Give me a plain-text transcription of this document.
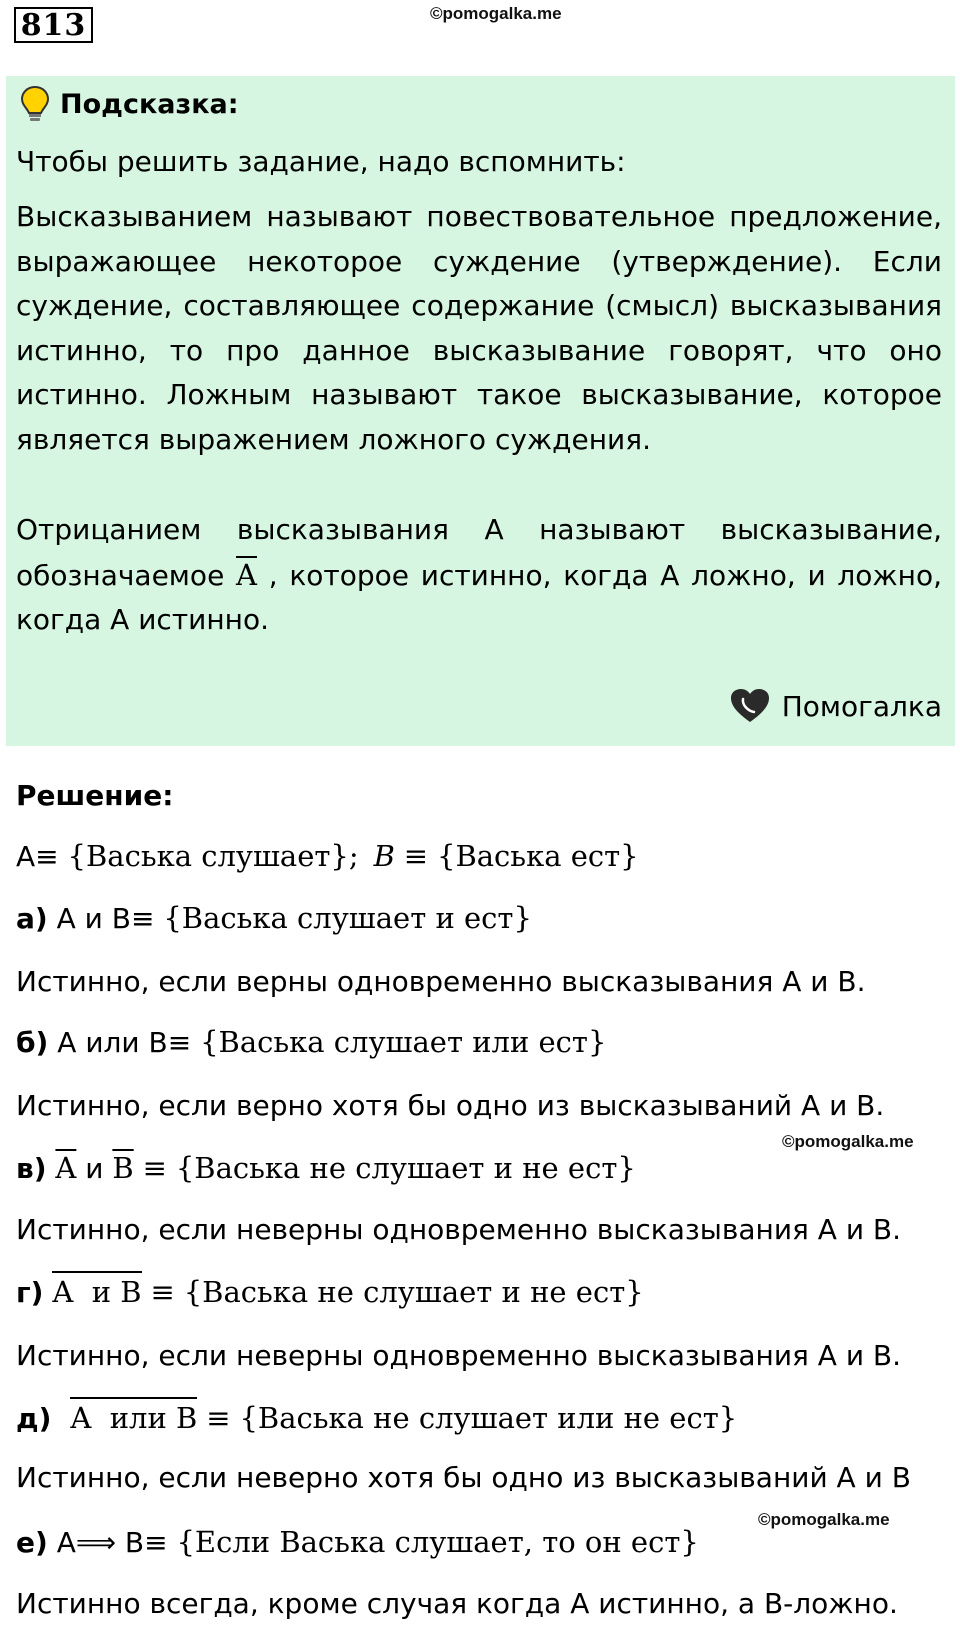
813	©pomogalka.me
Подсказка:

Чтобы решить задание, надо вспомнить:

Высказыванием называют повествовательное предложение, выражающее некоторое суждение (утверждение). Если суждение, составляющее содержание (смысл) высказывания истинно, то про данное высказывание говорят, что оно истинно. Ложным называют такое высказывание, которое является выражением ложного суждения.

Отрицанием высказывания А называют высказывание, обозначаемое $\overline{A}$ , которое истинно, когда А ложно, и ложно, когда А истинно.

Помогалка
Решение:
А≡ {Васька слушает}; B ≡ {Васька ест}
а) А и В≡ {Васька слушает и ест}
Истинно, если верны одновременно высказывания А и В.
б) А или В≡ {Васька слушает или ест}
Истинно, если верно хотя бы одно из высказываний А и В.
©pomogalka.me
в) $\overline{A}$ и $\overline{B}$ ≡ {Васька не слушает и не ест}
Истинно, если неверны одновременно высказывания А и В.
г) A  и B ≡ {Васька не слушает и не ест}
Истинно, если неверны одновременно высказывания А и В.
д) A  или B ≡ {Васька не слушает или не ест}
Истинно, если неверно хотя бы одно из высказываний А и В
©pomogalka.me
е) А⟹ В≡ {Если Васька слушает, то он ест}
Истинно всегда, кроме случая когда А истинно, а В-ложно.
